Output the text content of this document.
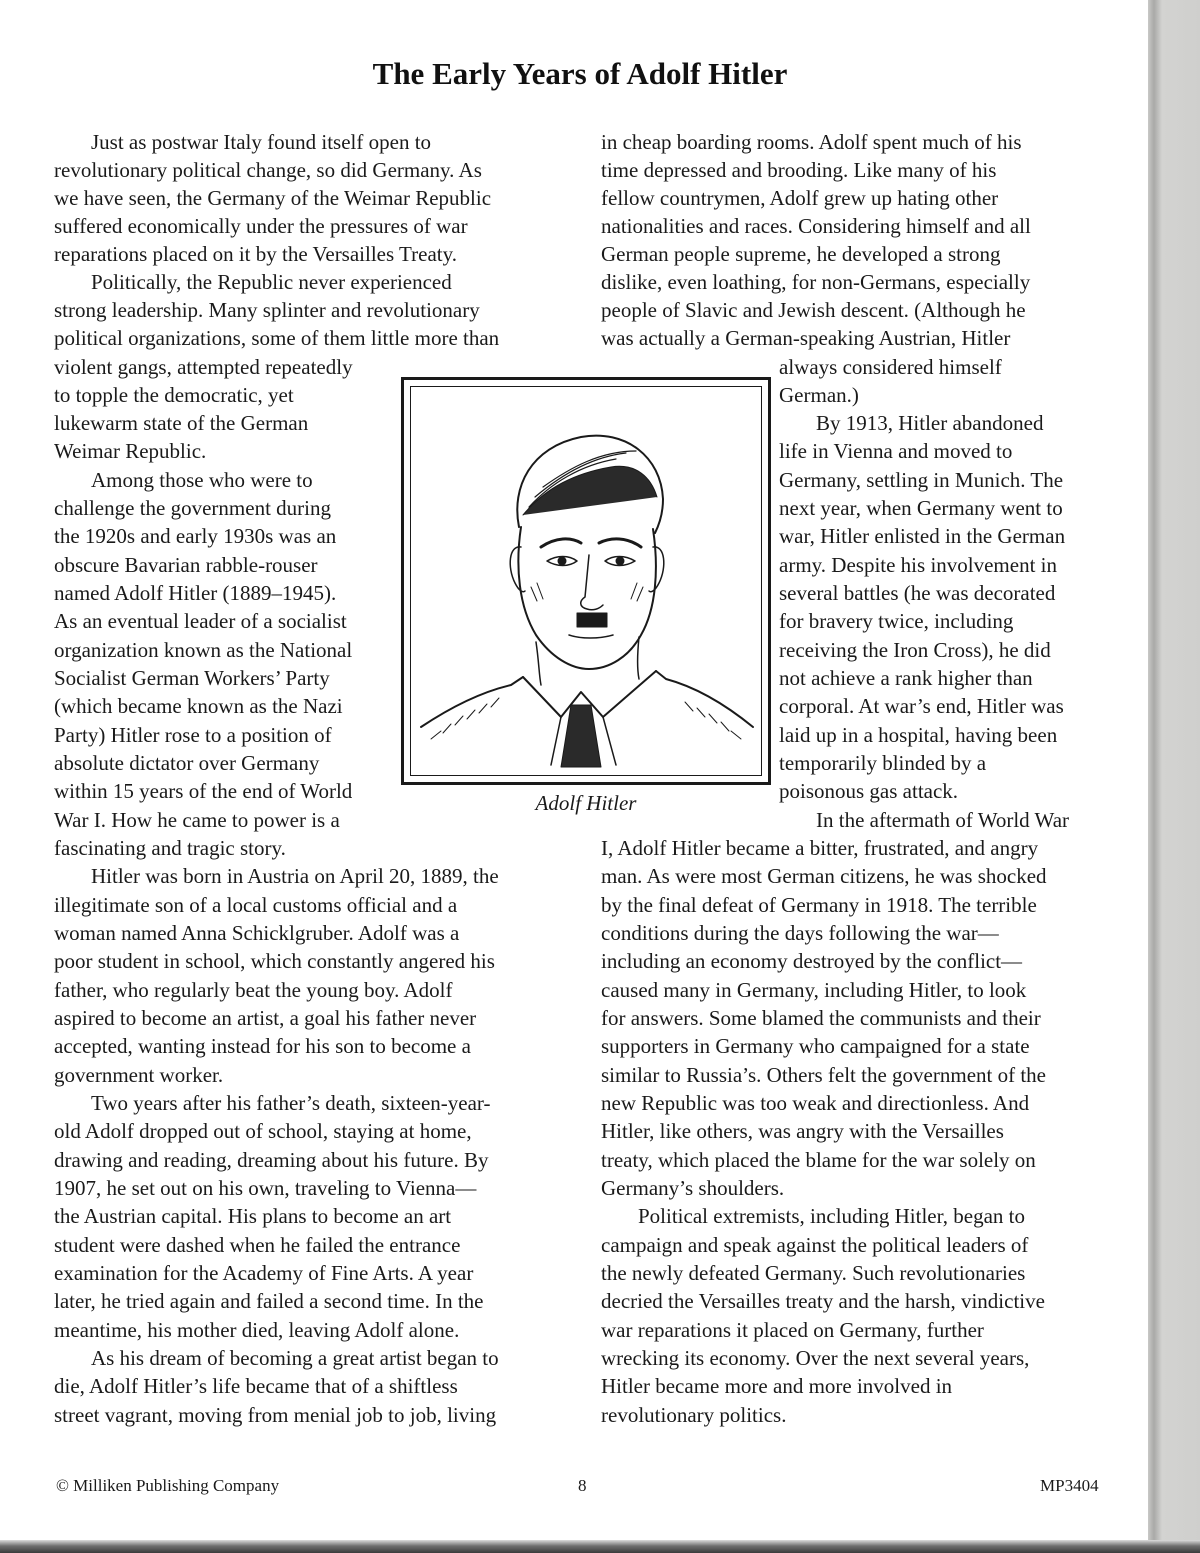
The Early Years of Adolf Hitler

Just as postwar Italy found itself open to

revolutionary political change, so did Germany. As

we have seen, the Germany of the Weimar Republic

suffered economically under the pressures of war

reparations placed on it by the Versailles Treaty.

Politically, the Republic never experienced

strong leadership. Many splinter and revolutionary

political organizations, some of them little more than

violent gangs, attempted repeatedly

to topple the democratic, yet

lukewarm state of the German

Weimar Republic.

Among those who were to

challenge the government during

the 1920s and early 1930s was an

obscure Bavarian rabble-rouser

named Adolf Hitler (1889–1945).

As an eventual leader of a socialist

organization known as the National

Socialist German Workers’ Party

(which became known as the Nazi

Party) Hitler rose to a position of

absolute dictator over Germany

within 15 years of the end of World

War I. How he came to power is a

fascinating and tragic story.

Hitler was born in Austria on April 20, 1889, the

illegitimate son of a local customs official and a

woman named Anna Schicklgruber. Adolf was a

poor student in school, which constantly angered his

father, who regularly beat the young boy. Adolf

aspired to become an artist, a goal his father never

accepted, wanting instead for his son to become a

government worker.

Two years after his father’s death, sixteen-year-

old Adolf dropped out of school, staying at home,

drawing and reading, dreaming about his future. By

1907, he set out on his own, traveling to Vienna—

the Austrian capital. His plans to become an art

student were dashed when he failed the entrance

examination for the Academy of Fine Arts. A year

later, he tried again and failed a second time. In the

meantime, his mother died, leaving Adolf alone.

As his dream of becoming a great artist began to

die, Adolf Hitler’s life became that of a shiftless

street vagrant, moving from menial job to job, living

in cheap boarding rooms. Adolf spent much of his

time depressed and brooding. Like many of his

fellow countrymen, Adolf grew up hating other

nationalities and races. Considering himself and all

German people supreme, he developed a strong

dislike, even loathing, for non-Germans, especially

people of Slavic and Jewish descent. (Although he

was actually a German-speaking Austrian, Hitler

always considered himself

German.)

By 1913, Hitler abandoned

life in Vienna and moved to

Germany, settling in Munich. The

next year, when Germany went to

war, Hitler enlisted in the German

army. Despite his involvement in

several battles (he was decorated

for bravery twice, including

receiving the Iron Cross), he did

not achieve a rank higher than

corporal. At war’s end, Hitler was

laid up in a hospital, having been

temporarily blinded by a

poisonous gas attack.

In the aftermath of World War

I, Adolf Hitler became a bitter, frustrated, and angry

man. As were most German citizens, he was shocked

by the final defeat of Germany in 1918. The terrible

conditions during the days following the war—

including an economy destroyed by the conflict—

caused many in Germany, including Hitler, to look

for answers. Some blamed the communists and their

supporters in Germany who campaigned for a state

similar to Russia’s. Others felt the government of the

new Republic was too weak and directionless. And

Hitler, like others, was angry with the Versailles

treaty, which placed the blame for the war solely on

Germany’s shoulders.

Political extremists, including Hitler, began to

campaign and speak against the political leaders of

the newly defeated Germany. Such revolutionaries

decried the Versailles treaty and the harsh, vindictive

war reparations it placed on Germany, further

wrecking its economy. Over the next several years,

Hitler became more and more involved in

revolutionary politics.

Adolf Hitler

© Milliken Publishing Company	8	MP3404
